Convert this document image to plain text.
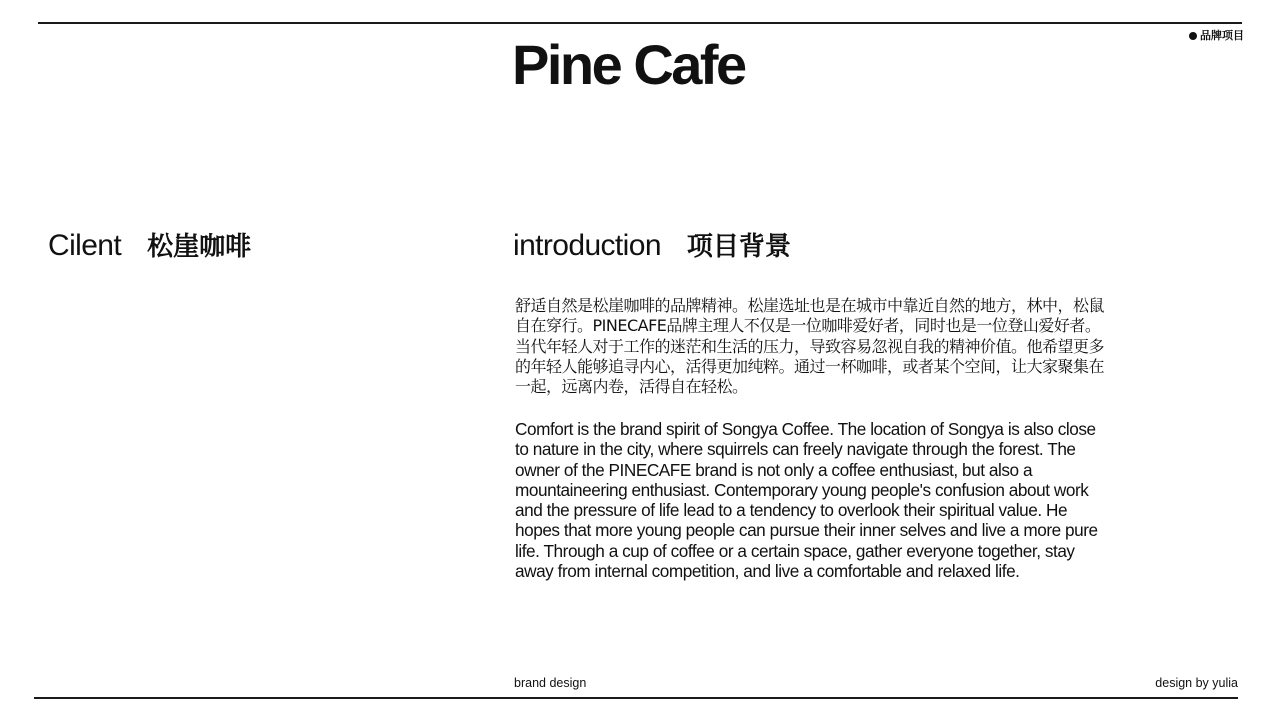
品牌项目
Pine Cafe
Cilent 松崖咖啡	introduction 项目背景

舒适自然是松崖咖啡的品牌精神。松崖选址也是在城市中靠近自然的地方，林中，松鼠自在穿行。PINECAFE品牌主理人不仅是一位咖啡爱好者，同时也是一位登山爱好者。当代年轻人对于工作的迷茫和生活的压力，导致容易忽视自我的精神价值。他希望更多的年轻人能够追寻内心，活得更加纯粹。通过一杯咖啡，或者某个空间，让大家聚集在一起，远离内卷，活得自在轻松。

Comfort is the brand spirit of Songya Coffee. The location of Songya is also close to nature in the city, where squirrels can freely navigate through the forest. The owner of the PINECAFE brand is not only a coffee enthusiast, but also a mountaineering enthusiast. Contemporary young people's confusion about work and the pressure of life lead to a tendency to overlook their spiritual value. He hopes that more young people can pursue their inner selves and live a more pure life. Through a cup of coffee or a certain space, gather everyone together, stay away from internal competition, and live a comfortable and relaxed life.

brand design	design by yulia
